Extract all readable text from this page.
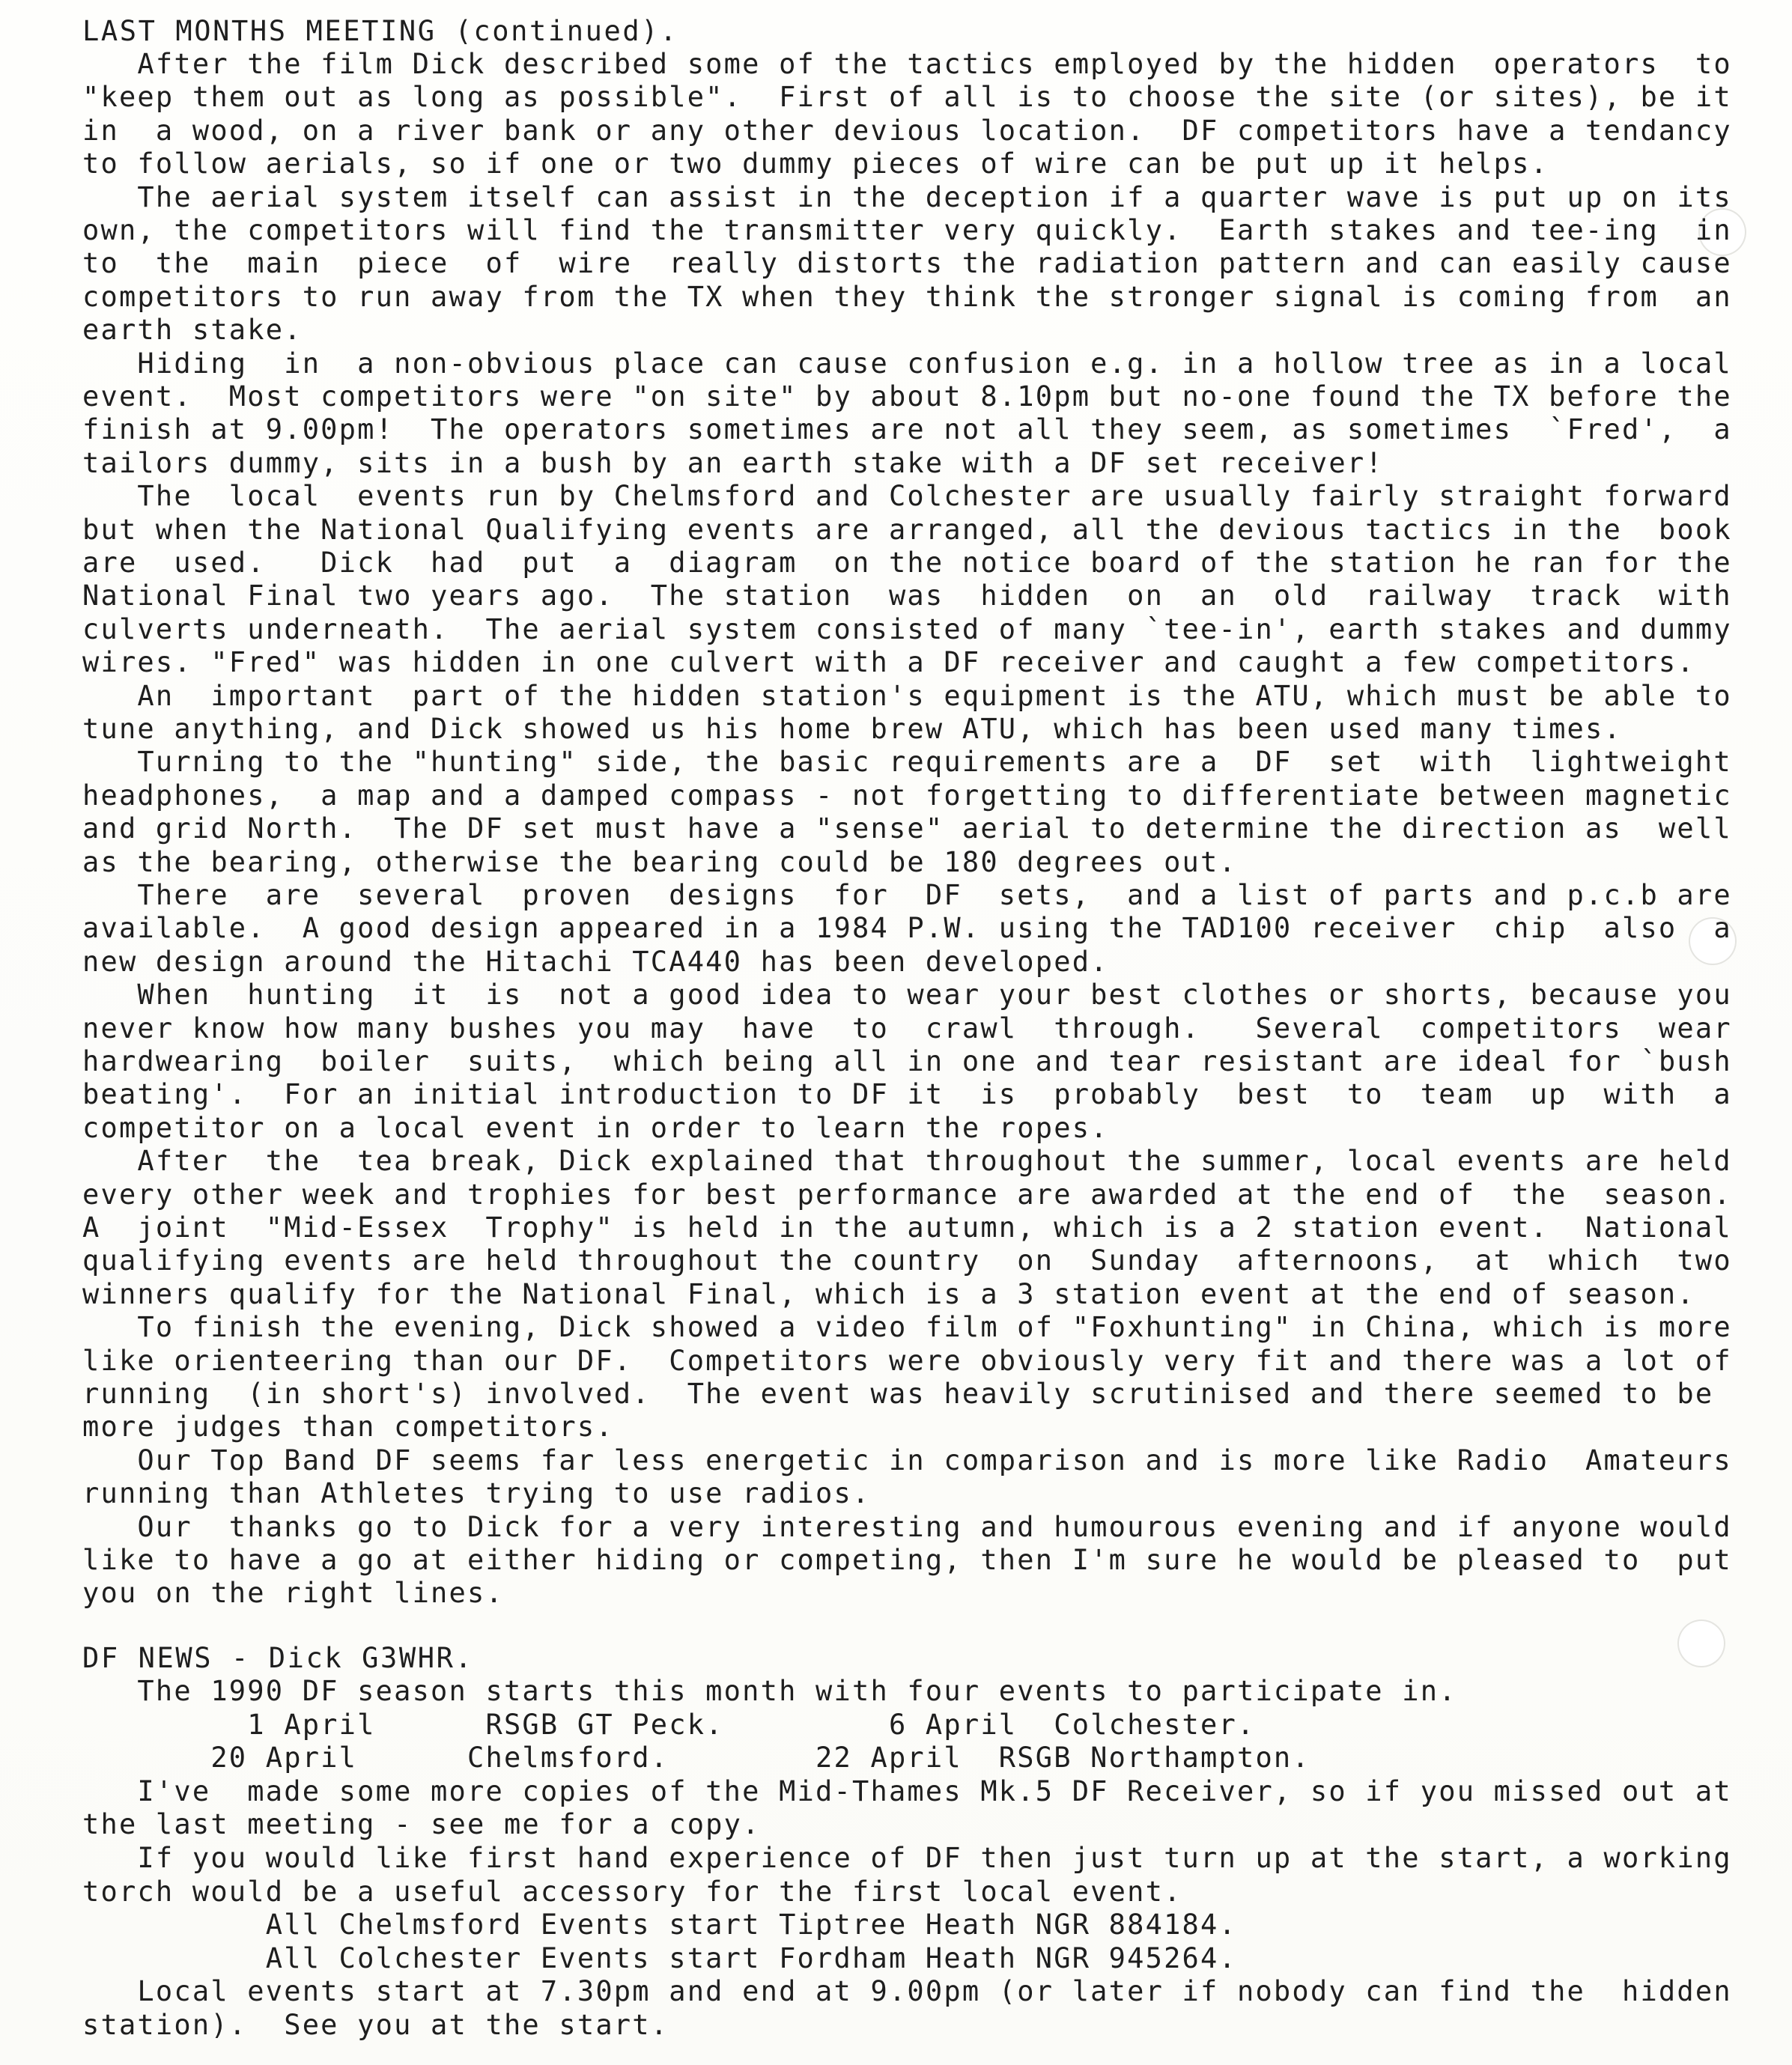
LAST MONTHS MEETING (continued).
DF NEWS - Dick G3WHR.
After the film Dick described some of the tactics employed by the hidden  operators  to
"keep them out as long as possible".  First of all is to choose the site (or sites), be it
in  a wood, on a river bank or any other devious location.  DF competitors have a tendancy
to follow aerials, so if one or two dummy pieces of wire can be put up it helps.
The aerial system itself can assist in the deception if a quarter wave is put up on its
own, the competitors will find the transmitter very quickly.  Earth stakes and tee-ing  in
to  the  main  piece  of  wire  really distorts the radiation pattern and can easily cause
competitors to run away from the TX when they think the stronger signal is coming from  an
earth stake.
Hiding  in  a non-obvious place can cause confusion e.g. in a hollow tree as in a local
event.  Most competitors were "on site" by about 8.10pm but no-one found the TX before the
finish at 9.00pm!  The operators sometimes are not all they seem, as sometimes  `Fred',  a
tailors dummy, sits in a bush by an earth stake with a DF set receiver!
The  local  events run by Chelmsford and Colchester are usually fairly straight forward
but when the National Qualifying events are arranged, all the devious tactics in the  book
are  used.   Dick  had  put  a  diagram  on the notice board of the station he ran for the
National Final two years ago.  The station  was  hidden  on  an  old  railway  track  with
culverts underneath.  The aerial system consisted of many `tee-in', earth stakes and dummy
wires. "Fred" was hidden in one culvert with a DF receiver and caught a few competitors.
An  important  part of the hidden station's equipment is the ATU, which must be able to
tune anything, and Dick showed us his home brew ATU, which has been used many times.
Turning to the "hunting" side, the basic requirements are a  DF  set  with  lightweight
headphones,  a map and a damped compass - not forgetting to differentiate between magnetic
and grid North.  The DF set must have a "sense" aerial to determine the direction as  well
as the bearing, otherwise the bearing could be 180 degrees out.
There  are  several  proven  designs  for  DF  sets,  and a list of parts and p.c.b are
available.  A good design appeared in a 1984 P.W. using the TAD100 receiver  chip  also  a
new design around the Hitachi TCA440 has been developed.
When  hunting  it  is  not a good idea to wear your best clothes or shorts, because you
never know how many bushes you may  have  to  crawl  through.   Several  competitors  wear
hardwearing  boiler  suits,  which being all in one and tear resistant are ideal for `bush
beating'.  For an initial introduction to DF it  is  probably  best  to  team  up  with  a
competitor on a local event in order to learn the ropes.
After  the  tea break, Dick explained that throughout the summer, local events are held
every other week and trophies for best performance are awarded at the end of  the  season.
A  joint  "Mid-Essex  Trophy" is held in the autumn, which is a 2 station event.  National
qualifying events are held throughout the country  on  Sunday  afternoons,  at  which  two
winners qualify for the National Final, which is a 3 station event at the end of season.
To finish the evening, Dick showed a video film of "Foxhunting" in China, which is more
like orienteering than our DF.  Competitors were obviously very fit and there was a lot of
running  (in short's) involved.  The event was heavily scrutinised and there seemed to be
more judges than competitors.
Our Top Band DF seems far less energetic in comparison and is more like Radio  Amateurs
running than Athletes trying to use radios.
Our  thanks go to Dick for a very interesting and humourous evening and if anyone would
like to have a go at either hiding or competing, then I'm sure he would be pleased to  put
you on the right lines.
The 1990 DF season starts this month with four events to participate in.
1 April      RSGB GT Peck.         6 April  Colchester.
20 April      Chelmsford.        22 April  RSGB Northampton.
I've  made some more copies of the Mid-Thames Mk.5 DF Receiver, so if you missed out at
the last meeting - see me for a copy.
If you would like first hand experience of DF then just turn up at the start, a working
torch would be a useful accessory for the first local event.
All Chelmsford Events start Tiptree Heath NGR 884184.
All Colchester Events start Fordham Heath NGR 945264.
Local events start at 7.30pm and end at 9.00pm (or later if nobody can find the  hidden
station).  See you at the start.
